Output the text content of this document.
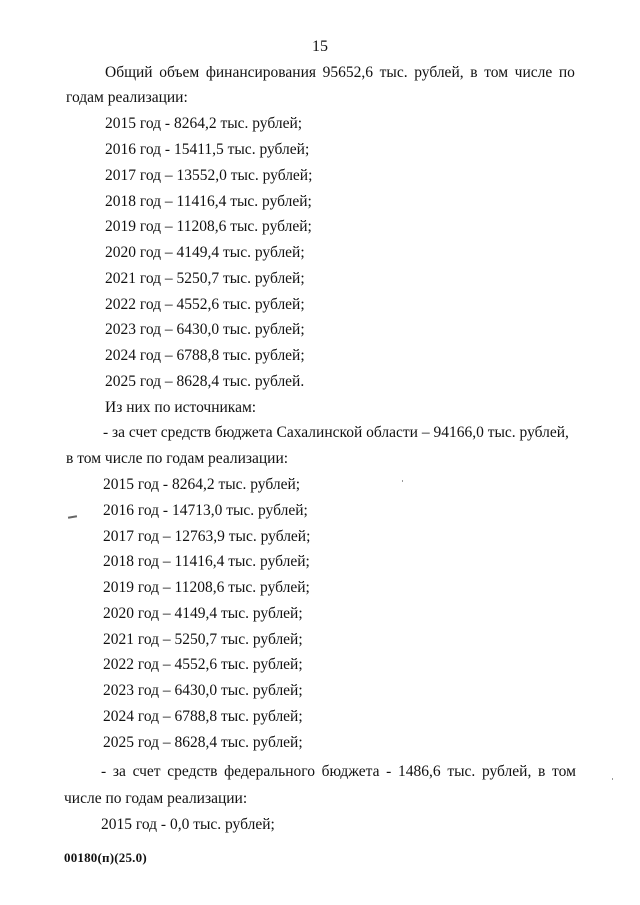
15
Общий объем финансирования 95652,6 тыс. рублей, в том числе по
годам реализации:
2015 год - 8264,2 тыс. рублей;
2016 год - 15411,5 тыс. рублей;
2017 год – 13552,0 тыс. рублей;
2018 год – 11416,4 тыс. рублей;
2019 год – 11208,6 тыс. рублей;
2020 год – 4149,4 тыс. рублей;
2021 год – 5250,7 тыс. рублей;
2022 год – 4552,6 тыс. рублей;
2023 год – 6430,0 тыс. рублей;
2024 год – 6788,8 тыс. рублей;
2025 год – 8628,4 тыс. рублей.
Из них по источникам:
- за счет средств бюджета Сахалинской области – 94166,0 тыс. рублей,
в том числе по годам реализации:
2015 год - 8264,2 тыс. рублей;
2016 год - 14713,0 тыс. рублей;
2017 год – 12763,9 тыс. рублей;
2018 год – 11416,4 тыс. рублей;
2019 год – 11208,6 тыс. рублей;
2020 год – 4149,4 тыс. рублей;
2021 год – 5250,7 тыс. рублей;
2022 год – 4552,6 тыс. рублей;
2023 год – 6430,0 тыс. рублей;
2024 год – 6788,8 тыс. рублей;
2025 год – 8628,4 тыс. рублей;
- за счет средств федерального бюджета - 1486,6 тыс. рублей, в том
числе по годам реализации:
2015 год - 0,0 тыс. рублей;
00180(п)(25.0)
